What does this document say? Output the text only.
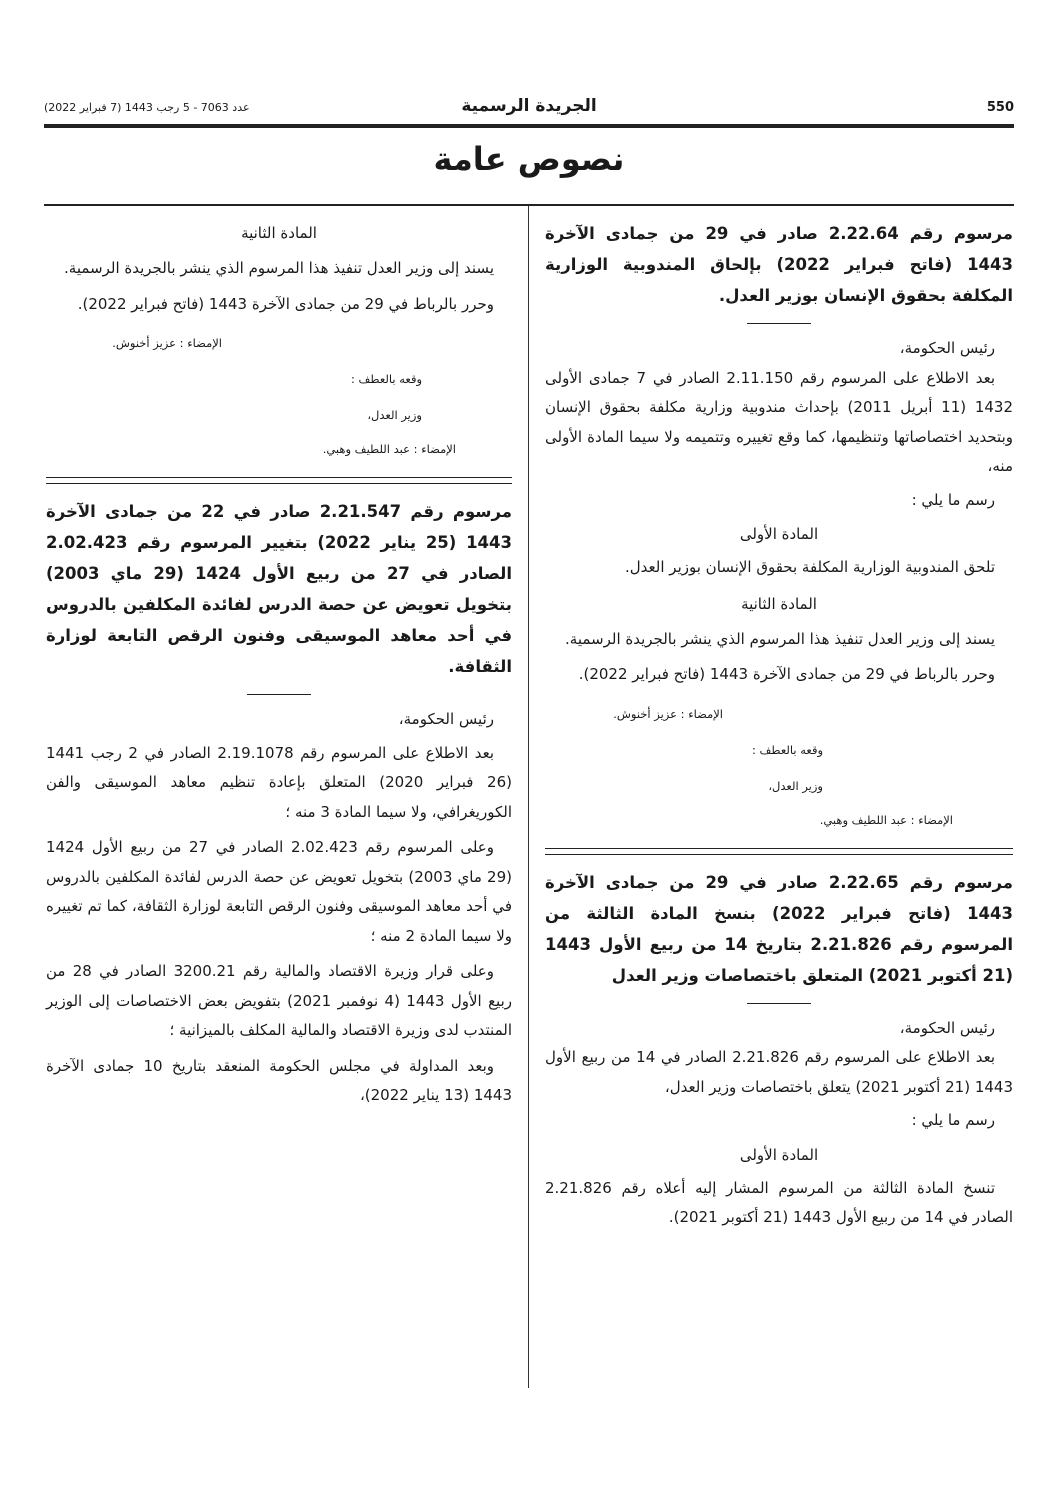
550
الجريدة الرسمية
عدد 7063 - 5 رجب 1443 (7 فبراير 2022)
نصوص عامة

مرسوم رقم 2.22.64 صادر في 29 من جمادى الآخرة 1443 (فاتح فبراير 2022) بإلحاق المندوبية الوزارية المكلفة بحقوق الإنسان بوزير العدل.

رئيس الحكومة،

بعد الاطلاع على المرسوم رقم 2.11.150 الصادر في 7 جمادى الأولى 1432 (11 أبريل 2011) بإحداث مندوبية وزارية مكلفة بحقوق الإنسان وبتحديد اختصاصاتها وتنظيمها، كما وقع تغييره وتتميمه ولا سيما المادة الأولى منه،

رسم ما يلي :

المادة الأولى

تلحق المندوبية الوزارية المكلفة بحقوق الإنسان بوزير العدل.

المادة الثانية

يسند إلى وزير العدل تنفيذ هذا المرسوم الذي ينشر بالجريدة الرسمية.

وحرر بالرباط في 29 من جمادى الآخرة 1443 (فاتح فبراير 2022).

الإمضاء : عزيز أخنوش.

وقعه بالعطف :

وزير العدل،

الإمضاء : عبد اللطيف وهبي.

مرسوم رقم 2.22.65 صادر في 29 من جمادى الآخرة 1443 (فاتح فبراير 2022) بنسخ المادة الثالثة من المرسوم رقم 2.21.826 بتاريخ 14 من ربيع الأول 1443 (21 أكتوبر 2021) المتعلق باختصاصات وزير العدل

رئيس الحكومة،

بعد الاطلاع على المرسوم رقم 2.21.826 الصادر في 14 من ربيع الأول 1443 (21 أكتوبر 2021) يتعلق باختصاصات وزير العدل،

رسم ما يلي :

المادة الأولى

تنسخ المادة الثالثة من المرسوم المشار إليه أعلاه رقم 2.21.826 الصادر في 14 من ربيع الأول 1443 (21 أكتوبر 2021).

المادة الثانية

يسند إلى وزير العدل تنفيذ هذا المرسوم الذي ينشر بالجريدة الرسمية.

وحرر بالرباط في 29 من جمادى الآخرة 1443 (فاتح فبراير 2022).

الإمضاء : عزيز أخنوش.

وقعه بالعطف :

وزير العدل،

الإمضاء : عبد اللطيف وهبي.

مرسوم رقم 2.21.547 صادر في 22 من جمادى الآخرة 1443 (25 يناير 2022) بتغيير المرسوم رقم 2.02.423 الصادر في 27 من ربيع الأول 1424 (29 ماي 2003) بتخويل تعويض عن حصة الدرس لفائدة المكلفين بالدروس في أحد معاهد الموسيقى وفنون الرقص التابعة لوزارة الثقافة.

رئيس الحكومة،

بعد الاطلاع على المرسوم رقم 2.19.1078 الصادر في 2 رجب 1441 (26 فبراير 2020) المتعلق بإعادة تنظيم معاهد الموسيقى والفن الكوريغرافي، ولا سيما المادة 3 منه ؛

وعلى المرسوم رقم 2.02.423 الصادر في 27 من ربيع الأول 1424 (29 ماي 2003) بتخويل تعويض عن حصة الدرس لفائدة المكلفين بالدروس في أحد معاهد الموسيقى وفنون الرقص التابعة لوزارة الثقافة، كما تم تغييره ولا سيما المادة 2 منه ؛

وعلى قرار وزيرة الاقتصاد والمالية رقم 3200.21 الصادر في 28 من ربيع الأول 1443 (4 نوفمبر 2021) بتفويض بعض الاختصاصات إلى الوزير المنتدب لدى وزيرة الاقتصاد والمالية المكلف بالميزانية ؛

وبعد المداولة في مجلس الحكومة المنعقد بتاريخ 10 جمادى الآخرة 1443 (13 يناير 2022)،
